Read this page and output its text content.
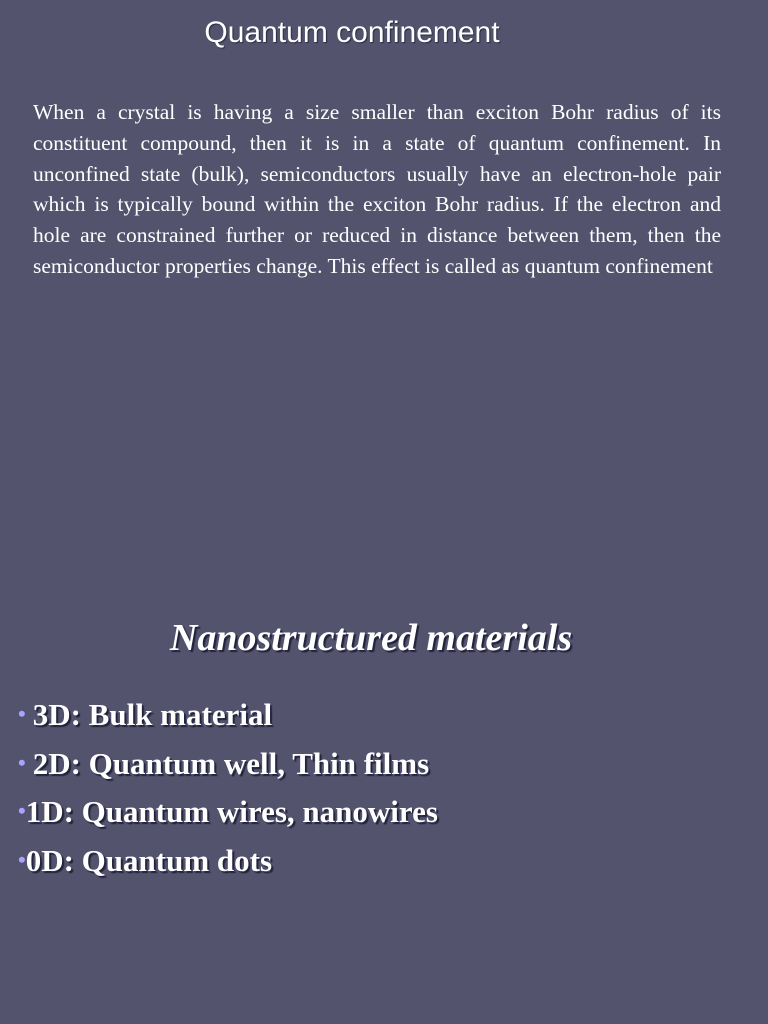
Quantum confinement

When a crystal is having a size smaller than exciton Bohr radius of its constituent compound, then it is in a state of quantum confinement. In unconfined state (bulk), semiconductors usually have an electron-hole pair which is typically bound within the exciton Bohr radius. If the electron and hole are constrained further or reduced in distance between them, then the semiconductor properties change. This effect is called as quantum confinement

Nanostructured materials
• 3D: Bulk material
• 2D: Quantum well, Thin films
•1D: Quantum wires, nanowires
•0D: Quantum dots
